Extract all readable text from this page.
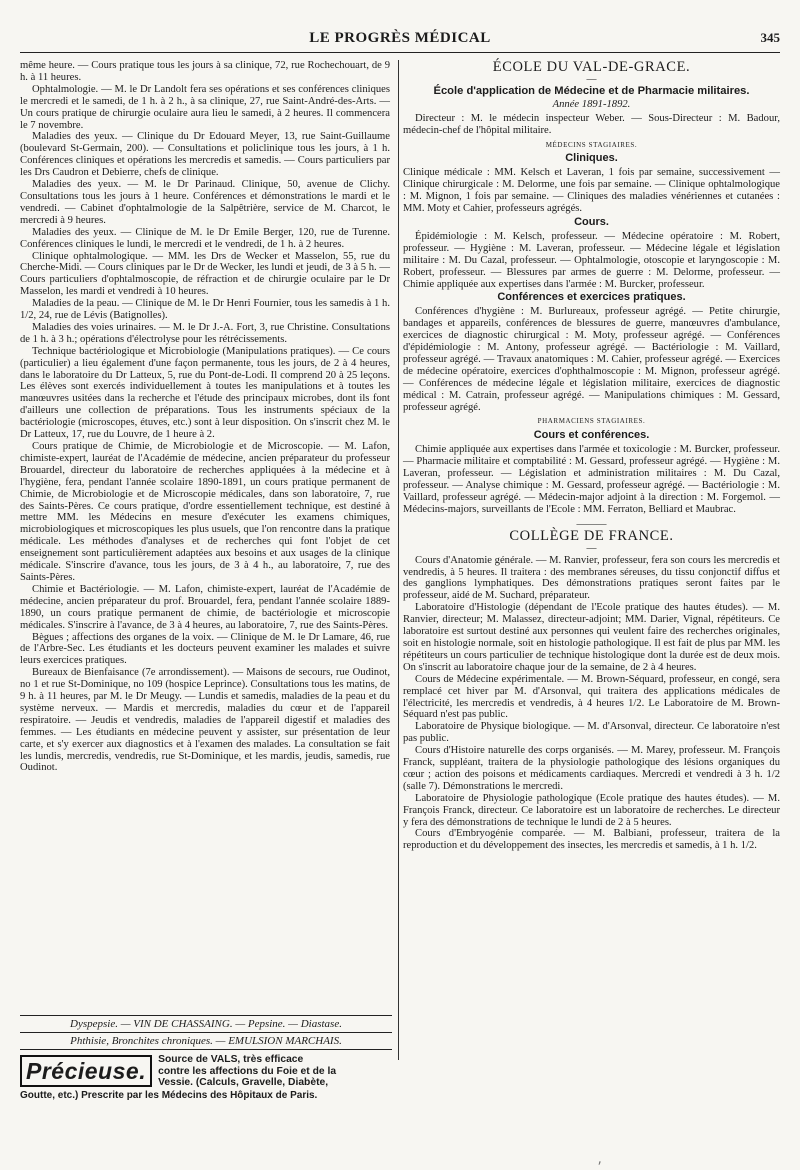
LE PROGRÈS MÉDICAL	345

même heure. — Cours pratique tous les jours à sa clinique, 72, rue Rochechouart, de 9 h. à 11 heures.

Ophtalmologie. — M. le Dr Landolt fera ses opérations et ses conférences cliniques le mercredi et le samedi, de 1 h. à 2 h., à sa clinique, 27, rue Saint-André-des-Arts. — Un cours pratique de chirurgie oculaire aura lieu le samedi, à 2 heures. Il commencera le 7 novembre.

Maladies des yeux. — Clinique du Dr Edouard Meyer, 13, rue Saint-Guillaume (boulevard St-Germain, 200). — Consultations et policlinique tous les jours, à 1 h. Conférences cliniques et opérations les mercredis et samedis. — Cours particuliers par les Drs Caudron et Debierre, chefs de clinique.

Maladies des yeux. — M. le Dr Parinaud. Clinique, 50, avenue de Clichy. Consultations tous les jours à 1 heure. Conférences et démonstrations le mardi et le vendredi. — Cabinet d'ophtalmologie de la Salpêtrière, service de M. Charcot, le mercredi à 9 heures.

Maladies des yeux. — Clinique de M. le Dr Emile Berger, 120, rue de Turenne. Conférences cliniques le lundi, le mercredi et le vendredi, de 1 h. à 2 heures.

Clinique ophtalmologique. — MM. les Drs de Wecker et Masselon, 55, rue du Cherche-Midi. — Cours cliniques par le Dr de Wecker, les lundi et jeudi, de 3 à 5 h. — Cours particuliers d'ophtalmoscopie, de réfraction et de chirurgie oculaire par le Dr Masselon, les mardi et vendredi à 10 heures.

Maladies de la peau. — Clinique de M. le Dr Henri Fournier, tous les samedis à 1 h. 1/2, 24, rue de Lévis (Batignolles).

Maladies des voies urinaires. — M. le Dr J.-A. Fort, 3, rue Christine. Consultations de 1 h. à 3 h.; opérations d'électrolyse pour les rétrécissements.

Technique bactériologique et Microbiologie (Manipulations pratiques). — Ce cours (particulier) a lieu également d'une façon permanente, tous les jours, de 2 à 4 heures, dans le laboratoire du Dr Latteux, 5, rue du Pont-de-Lodi. Il comprend 20 à 25 leçons. Les élèves sont exercés individuellement à toutes les manipulations et à toutes les manœuvres usitées dans la recherche et l'étude des principaux microbes, dont ils font d'ailleurs une collection de préparations. Tous les instruments spéciaux de la bactériologie (microscopes, étuves, etc.) sont à leur disposition. On s'inscrit chez M. le Dr Latteux, 17, rue du Louvre, de 1 heure à 2.

Cours pratique de Chimie, de Microbiologie et de Microscopie. — M. Lafon, chimiste-expert, lauréat de l'Académie de médecine, ancien préparateur du professeur Brouardel, directeur du laboratoire de recherches appliquées à la médecine et à l'hygiène, fera, pendant l'année scolaire 1890-1891, un cours pratique permanent de Chimie, de Microbiologie et de Microscopie médicales, dans son laboratoire, 7, rue des Saints-Pères. Ce cours pratique, d'ordre essentiellement technique, est destiné à mettre MM. les Médecins en mesure d'exécuter les examens chimiques, microbiologiques et microscopiques les plus usuels, que l'on rencontre dans la pratique médicale. Les méthodes d'analyses et de recherches qui font l'objet de cet enseignement sont particulièrement adaptées aux besoins et aux usages de la clinique médicale. S'inscrire d'avance, tous les jours, de 3 à 4 h., au laboratoire, 7, rue des Saints-Pères.

Chimie et Bactériologie. — M. Lafon, chimiste-expert, lauréat de l'Académie de médecine, ancien préparateur du prof. Brouardel, fera, pendant l'année scolaire 1889-1890, un cours pratique permanent de chimie, de bactériologie et microscopie médicales. S'inscrire à l'avance, de 3 à 4 heures, au laboratoire, 7, rue des Saints-Pères.

Bègues ; affections des organes de la voix. — Clinique de M. le Dr Lamare, 46, rue de l'Arbre-Sec. Les étudiants et les docteurs peuvent examiner les malades et suivre leurs exercices pratiques.

Bureaux de Bienfaisance (7e arrondissement). — Maisons de secours, rue Oudinot, no 1 et rue St-Dominique, no 109 (hospice Leprince). Consultations tous les matins, de 9 h. à 11 heures, par M. le Dr Meugy. — Lundis et samedis, maladies de la peau et du système nerveux. — Mardis et mercredis, maladies du cœur et de l'appareil respiratoire. — Jeudis et vendredis, maladies de l'appareil digestif et maladies des femmes. — Les étudiants en médecine peuvent y assister, sur présentation de leur carte, et s'y exercer aux diagnostics et à l'examen des malades. La consultation se fait les lundis, mercredis, vendredis, rue St-Dominique, et les mardis, jeudis, samedis, rue Oudinot.

Dyspepsie. — VIN DE CHASSAING. — Pepsine. — Diastase.
Phthisie, Bronchites chroniques. — EMULSION MARCHAIS.
Précieuse.	Source de VALS, très efficace
contre les affections du Foie et de la
Vessie. (Calculs, Gravelle, Diabète,
Goutte, etc.) Prescrite par les Médecins des Hôpitaux de Paris.
ÉCOLE DU VAL-DE-GRACE.
—
École d'application de Médecine et de Pharmacie militaires.
Année 1891-1892.

Directeur : M. le médecin inspecteur Weber. — Sous-Directeur : M. Badour, médecin-chef de l'hôpital militaire.

MÉDECINS STAGIAIRES.
Cliniques.

Clinique médicale : MM. Kelsch et Laveran, 1 fois par semaine, successivement — Clinique chirurgicale : M. Delorme, une fois par semaine. — Clinique ophtalmologique : M. Mignon, 1 fois par semaine. — Cliniques des maladies vénériennes et cutanées : MM. Moty et Cahier, professeurs agrégés.

Cours.

Épidémiologie : M. Kelsch, professeur. — Médecine opératoire : M. Robert, professeur. — Hygiène : M. Laveran, professeur. — Médecine légale et législation militaire : M. Du Cazal, professeur. — Ophtalmologie, otoscopie et laryngoscopie : M. Robert, professeur. — Blessures par armes de guerre : M. Delorme, professeur. — Chimie appliquée aux expertises dans l'armée : M. Burcker, professeur.

Conférences et exercices pratiques.

Conférences d'hygiène : M. Burlureaux, professeur agrégé. — Petite chirurgie, bandages et appareils, conférences de blessures de guerre, manœuvres d'ambulance, exercices de diagnostic chirurgical : M. Moty, professeur agrégé. — Conférences d'épidémiologie : M. Antony, professeur agrégé. — Bactériologie : M. Vaillard, professeur agrégé. — Travaux anatomiques : M. Cahier, professeur agrégé. — Exercices de médecine opératoire, exercices d'ophthalmoscopie : M. Mignon, professeur agrégé. — Conférences de médecine légale et législation militaire, exercices de diagnostic médical : M. Catrain, professeur agrégé. — Manipulations chimiques : M. Gessard, professeur agrégé.

PHARMACIENS STAGIAIRES.
Cours et conférences.

Chimie appliquée aux expertises dans l'armée et toxicologie : M. Burcker, professeur. — Pharmacie militaire et comptabilité : M. Gessard, professeur agrégé. — Hygiène : M. Laveran, professeur. — Législation et administration militaires : M. Du Cazal, professeur. — Analyse chimique : M. Gessard, professeur agrégé. — Bactériologie : M. Vaillard, professeur agrégé. — Médecin-major adjoint à la direction : M. Forgemol. — Médecins-majors, surveillants de l'Ecole : MM. Ferraton, Belliard et Maubrac.

———
COLLÈGE DE FRANCE.
—

Cours d'Anatomie générale. — M. Ranvier, professeur, fera son cours les mercredis et vendredis, à 5 heures. Il traitera : des membranes séreuses, du tissu conjonctif diffus et des ganglions lymphatiques. Des démonstrations pratiques seront faites par le professeur, aidé de M. Suchard, préparateur.

Laboratoire d'Histologie (dépendant de l'Ecole pratique des hautes études). — M. Ranvier, directeur; M. Malassez, directeur-adjoint; MM. Darier, Vignal, répétiteurs. Ce laboratoire est surtout destiné aux personnes qui veulent faire des recherches originales, soit en histologie normale, soit en histologie pathologique. Il est fait de plus par MM. les répétiteurs un cours particulier de technique histologique dont la durée est de deux mois. On s'inscrit au laboratoire chaque jour de la semaine, de 2 à 4 heures.

Cours de Médecine expérimentale. — M. Brown-Séquard, professeur, en congé, sera remplacé cet hiver par M. d'Arsonval, qui traitera des applications médicales de l'électricité, les mercredis et vendredis, à 4 heures 1/2. Le Laboratoire de M. Brown-Séquard n'est pas public.

Laboratoire de Physique biologique. — M. d'Arsonval, directeur. Ce laboratoire n'est pas public.

Cours d'Histoire naturelle des corps organisés. — M. Marey, professeur. M. François Franck, suppléant, traitera de la physiologie pathologique des lésions organiques du cœur ; action des poisons et médicaments cardiaques. Mercredi et vendredi à 3 h. 1/2 (salle 7). Démonstrations le mercredi.

Laboratoire de Physiologie pathologique (Ecole pratique des hautes études). — M. François Franck, directeur. Ce laboratoire est un laboratoire de recherches. Le directeur y fera des démonstrations de technique le lundi de 2 à 5 heures.

Cours d'Embryogénie comparée. — M. Balbiani, professeur, traitera de la reproduction et du développement des insectes, les mercredis et samedis, à 1 h. 1/2.

⸴
